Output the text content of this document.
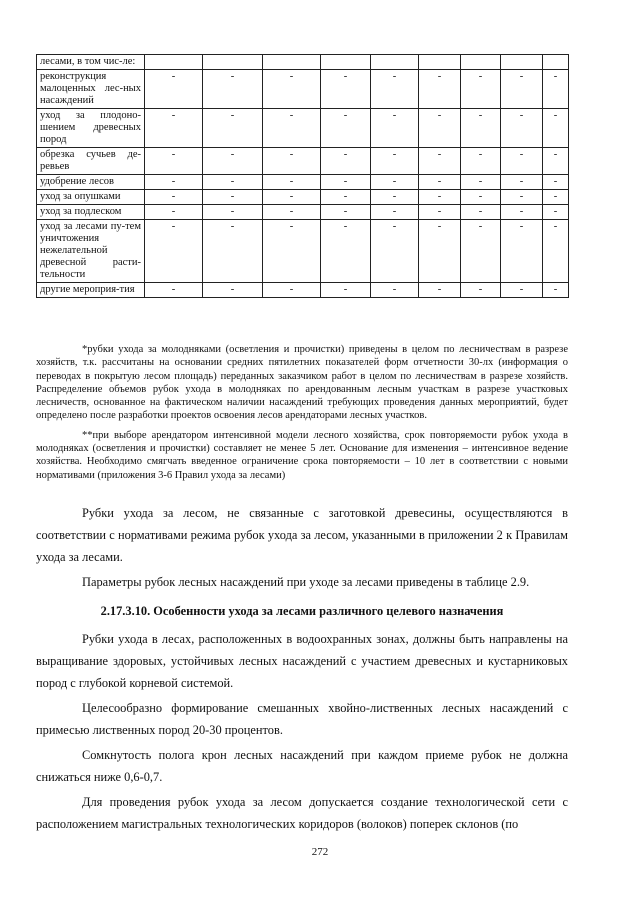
лесами, в том чис-ле:									
реконструкция малоценных лес-ных насаждений	-	-	-	-	-	-	-	-	-
уход за плодоно-шением древесных пород	-	-	-	-	-	-	-	-	-
обрезка сучьев де-ревьев	-	-	-	-	-	-	-	-	-
удобрение лесов	-	-	-	-	-	-	-	-	-
уход за опушками	-	-	-	-	-	-	-	-	-
уход за подлеском	-	-	-	-	-	-	-	-	-
уход за лесами пу-тем уничтожения нежелательной древесной расти-тельности	-	-	-	-	-	-	-	-	-
другие мероприя-тия	-	-	-	-	-	-	-	-	-

*рубки ухода за молодняками (осветления и прочистки) приведены в целом по лесничествам в разрезе хозяйств, т.к. рассчитаны на основании средних пятилетних показателей форм отчетности 30-лх (информация о переводах в покрытую лесом площадь) переданных заказчиком работ в целом по лесничествам в разрезе хозяйств. Распределение объемов рубок ухода в молодняках по арендованным лесным участкам в разрезе участковых лесничеств, основанное на фактическом наличии насаждений требующих проведения данных мероприятий, будет определено после разработки проектов освоения лесов арендаторами лесных участков.

**при выборе арендатором интенсивной модели лесного хозяйства, срок повторяемости рубок ухода в молодняках (осветления и прочистки) составляет не менее 5 лет. Основание для изменения – интенсивное ведение хозяйства. Необходимо смягчать введенное ограничение срока повторяемости – 10 лет в соответствии с новыми нормативами (приложения 3-6 Правил ухода за лесами)

Рубки ухода за лесом, не связанные с заготовкой древесины, осуществляются в соответствии с нормативами режима рубок ухода за лесом, указанными в приложении 2 к Правилам ухода за лесами.

Параметры рубок лесных насаждений при уходе за лесами приведены в таблице 2.9.

2.17.3.10. Особенности ухода за лесами различного целевого назначения

Рубки ухода в лесах, расположенных в водоохранных зонах, должны быть направлены на выращивание здоровых, устойчивых лесных насаждений с участием древесных и кустарниковых пород с глубокой корневой системой.

Целесообразно формирование смешанных хвойно-лиственных лесных насаждений с примесью лиственных пород 20-30 процентов.

Сомкнутость полога крон лесных насаждений при каждом приеме рубок не должна снижаться ниже 0,6-0,7.

Для проведения рубок ухода за лесом допускается создание технологической сети с расположением магистральных технологических коридоров (волоков) поперек склонов (по

272
